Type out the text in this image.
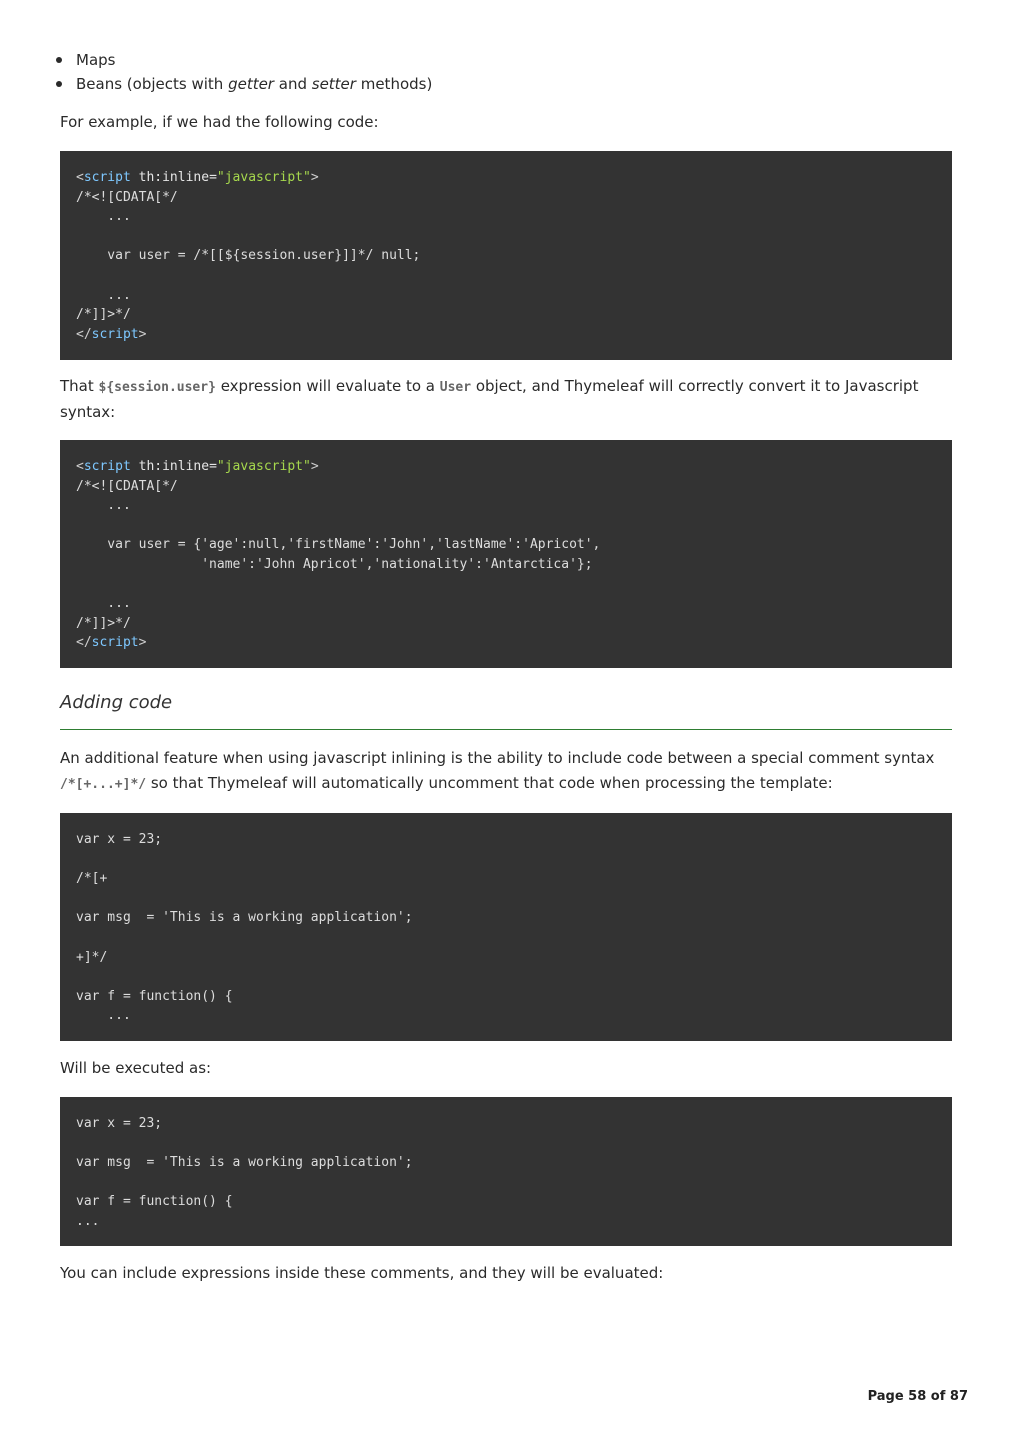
Maps
Beans (objects with getter and setter methods)

For example, if we had the following code:

<script th:inline="javascript">
/*<![CDATA[*/
...

var user = /*[[${session.user}]]*/ null;

...
/*]]>*/
</script>

That ${session.user} expression will evaluate to a User object, and Thymeleaf will correctly convert it to Javascript syntax:

<script th:inline="javascript">
/*<![CDATA[*/
...

var user = {'age':null,'firstName':'John','lastName':'Apricot',
'name':'John Apricot','nationality':'Antarctica'};

...
/*]]>*/
</script>
Adding code

An additional feature when using javascript inlining is the ability to include code between a special comment syntax /*[+...+]*/ so that Thymeleaf will automatically uncomment that code when processing the template:

var x = 23;

/*[+

var msg  = 'This is a working application';

+]*/

var f = function() {
...

Will be executed as:

var x = 23;

var msg  = 'This is a working application';

var f = function() {
...

You can include expressions inside these comments, and they will be evaluated:

Page 58 of 87
